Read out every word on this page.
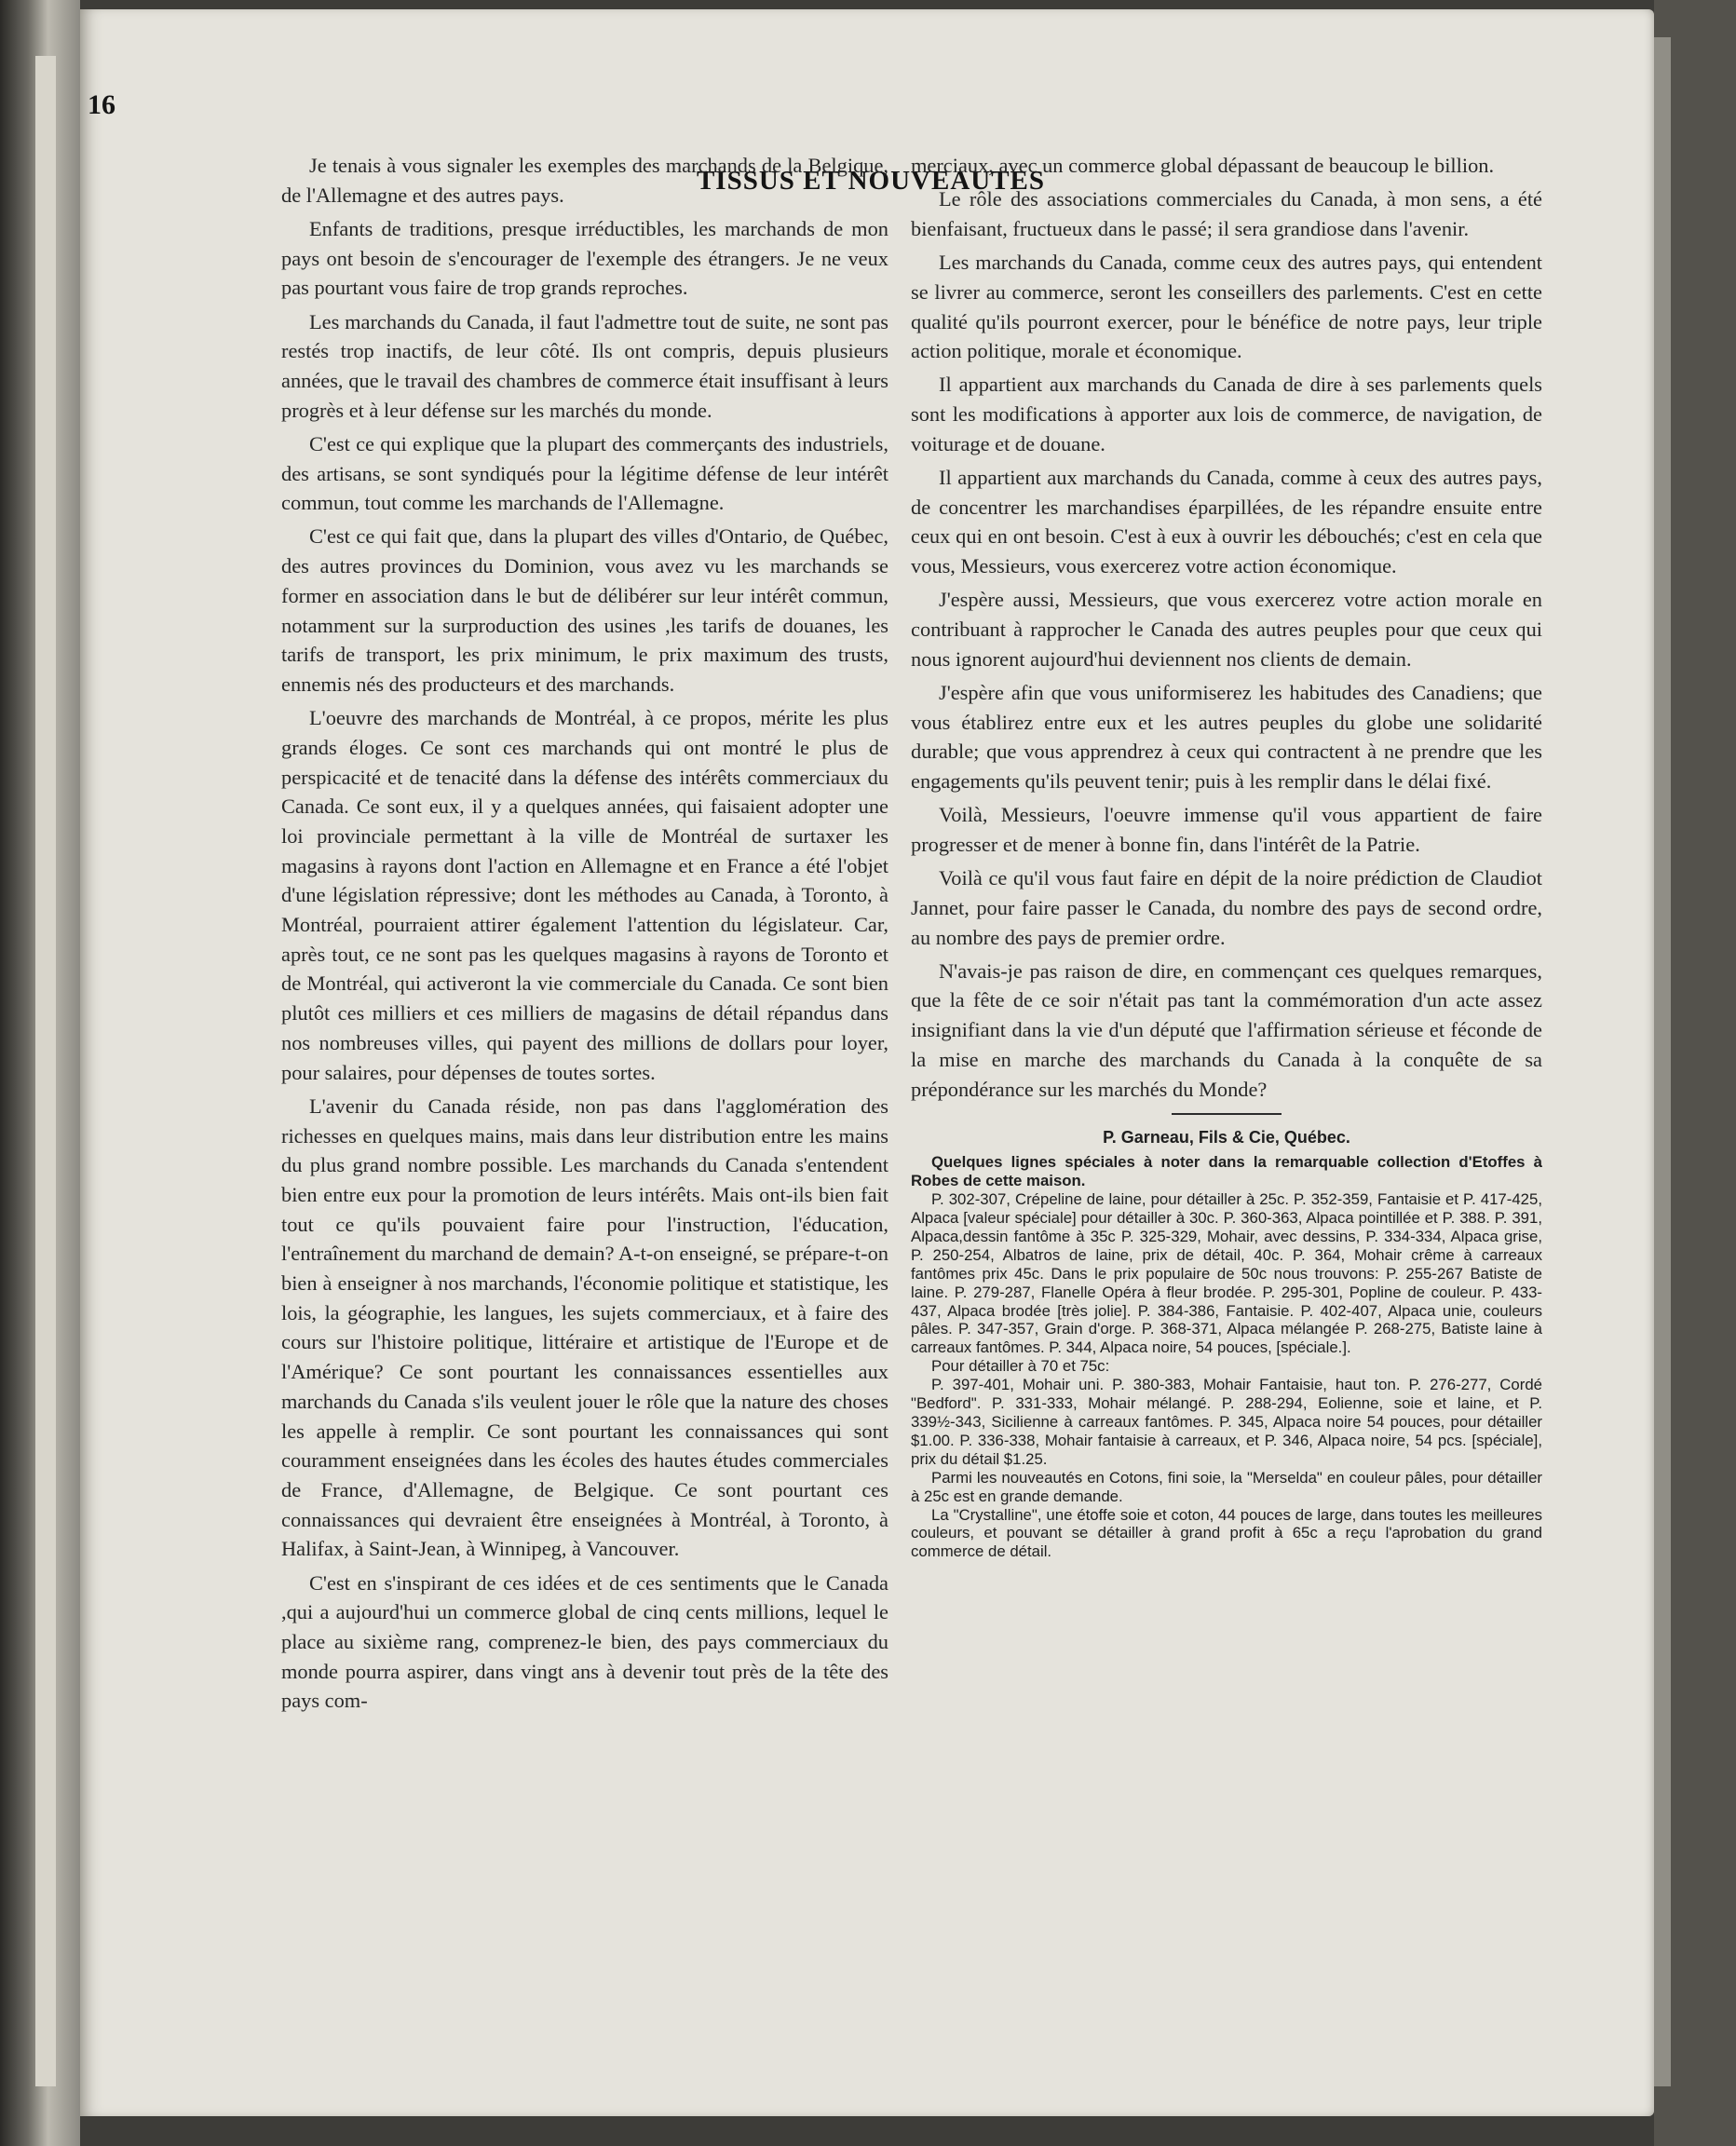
16
TISSUS ET NOUVEAUTES

Je tenais à vous signaler les exemples des marchands de la Belgique, de l'Allemagne et des autres pays.

Enfants de traditions, presque irréductibles, les marchands de mon pays ont besoin de s'encourager de l'exemple des étrangers. Je ne veux pas pourtant vous faire de trop grands reproches.

Les marchands du Canada, il faut l'admettre tout de suite, ne sont pas restés trop inactifs, de leur côté. Ils ont compris, depuis plusieurs années, que le travail des chambres de commerce était insuffisant à leurs progrès et à leur défense sur les marchés du monde.

C'est ce qui explique que la plupart des commerçants des industriels, des artisans, se sont syndiqués pour la légitime défense de leur intérêt commun, tout comme les marchands de l'Allemagne.

C'est ce qui fait que, dans la plupart des villes d'Ontario, de Québec, des autres provinces du Dominion, vous avez vu les marchands se former en association dans le but de délibérer sur leur intérêt commun, notamment sur la surproduction des usines ,les tarifs de douanes, les tarifs de transport, les prix minimum, le prix maximum des trusts, ennemis nés des producteurs et des marchands.

L'oeuvre des marchands de Montréal, à ce propos, mérite les plus grands éloges. Ce sont ces marchands qui ont montré le plus de perspicacité et de tenacité dans la défense des intérêts commerciaux du Canada. Ce sont eux, il y a quelques années, qui faisaient adopter une loi provinciale permettant à la ville de Montréal de surtaxer les magasins à rayons dont l'action en Allemagne et en France a été l'objet d'une législation répressive; dont les méthodes au Canada, à Toronto, à Montréal, pourraient attirer également l'attention du législateur. Car, après tout, ce ne sont pas les quelques magasins à rayons de Toronto et de Montréal, qui activeront la vie commerciale du Canada. Ce sont bien plutôt ces milliers et ces milliers de magasins de détail répandus dans nos nombreuses villes, qui payent des millions de dollars pour loyer, pour salaires, pour dépenses de toutes sortes.

L'avenir du Canada réside, non pas dans l'agglomération des richesses en quelques mains, mais dans leur distribution entre les mains du plus grand nombre possible. Les marchands du Canada s'entendent bien entre eux pour la promotion de leurs intérêts. Mais ont-ils bien fait tout ce qu'ils pouvaient faire pour l'instruction, l'éducation, l'entraînement du marchand de demain? A-t-on enseigné, se prépare-t-on bien à enseigner à nos marchands, l'économie politique et statistique, les lois, la géographie, les langues, les sujets commerciaux, et à faire des cours sur l'histoire politique, littéraire et artistique de l'Europe et de l'Amérique? Ce sont pourtant les connaissances essentielles aux marchands du Canada s'ils veulent jouer le rôle que la nature des choses les appelle à remplir. Ce sont pourtant les connaissances qui sont couramment enseignées dans les écoles des hautes études commerciales de France, d'Allemagne, de Belgique. Ce sont pourtant ces connaissances qui devraient être enseignées à Montréal, à Toronto, à Halifax, à Saint-Jean, à Winnipeg, à Vancouver.

C'est en s'inspirant de ces idées et de ces sentiments que le Canada ,qui a aujourd'hui un commerce global de cinq cents millions, lequel le place au sixième rang, comprenez-le bien, des pays commerciaux du monde pourra aspirer, dans vingt ans à devenir tout près de la tête des pays com-

merciaux, avec un commerce global dépassant de beaucoup le billion.

Le rôle des associations commerciales du Canada, à mon sens, a été bienfaisant, fructueux dans le passé; il sera grandiose dans l'avenir.

Les marchands du Canada, comme ceux des autres pays, qui entendent se livrer au commerce, seront les conseillers des parlements. C'est en cette qualité qu'ils pourront exercer, pour le bénéfice de notre pays, leur triple action politique, morale et économique.

Il appartient aux marchands du Canada de dire à ses parlements quels sont les modifications à apporter aux lois de commerce, de navigation, de voiturage et de douane.

Il appartient aux marchands du Canada, comme à ceux des autres pays, de concentrer les marchandises éparpillées, de les répandre ensuite entre ceux qui en ont besoin. C'est à eux à ouvrir les débouchés; c'est en cela que vous, Messieurs, vous exercerez votre action économique.

J'espère aussi, Messieurs, que vous exercerez votre action morale en contribuant à rapprocher le Canada des autres peuples pour que ceux qui nous ignorent aujourd'hui deviennent nos clients de demain.

J'espère afin que vous uniformiserez les habitudes des Canadiens; que vous établirez entre eux et les autres peuples du globe une solidarité durable; que vous apprendrez à ceux qui contractent à ne prendre que les engagements qu'ils peuvent tenir; puis à les remplir dans le délai fixé.

Voilà, Messieurs, l'oeuvre immense qu'il vous appartient de faire progresser et de mener à bonne fin, dans l'intérêt de la Patrie.

Voilà ce qu'il vous faut faire en dépit de la noire prédiction de Claudiot Jannet, pour faire passer le Canada, du nombre des pays de second ordre, au nombre des pays de premier ordre.

N'avais-je pas raison de dire, en commençant ces quelques remarques, que la fête de ce soir n'était pas tant la commémoration d'un acte assez insignifiant dans la vie d'un député que l'affirmation sérieuse et féconde de la mise en marche des marchands du Canada à la conquête de sa prépondérance sur les marchés du Monde?

P. Garneau, Fils & Cie, Québec.

Quelques lignes spéciales à noter dans la remarquable collection d'Etoffes à Robes de cette maison.

P. 302-307, Crépeline de laine, pour détailler à 25c. P. 352-359, Fantaisie et P. 417-425, Alpaca [valeur spéciale] pour détailler à 30c. P. 360-363, Alpaca pointillée et P. 388. P. 391, Alpaca,dessin fantôme à 35c P. 325-329, Mohair, avec dessins, P. 334-334, Alpaca grise, P. 250-254, Albatros de laine, prix de détail, 40c. P. 364, Mohair crême à carreaux fantômes prix 45c. Dans le prix populaire de 50c nous trouvons: P. 255-267 Batiste de laine. P. 279-287, Flanelle Opéra à fleur brodée. P. 295-301, Popline de couleur. P. 433-437, Alpaca brodée [très jolie]. P. 384-386, Fantaisie. P. 402-407, Alpaca unie, couleurs pâles. P. 347-357, Grain d'orge. P. 368-371, Alpaca mélangée P. 268-275, Batiste laine à carreaux fantômes. P. 344, Alpaca noire, 54 pouces, [spéciale.].

Pour détailler à 70 et 75c:

P. 397-401, Mohair uni. P. 380-383, Mohair Fantaisie, haut ton. P. 276-277, Cordé "Bedford". P. 331-333, Mohair mélangé. P. 288-294, Eolienne, soie et laine, et P. 339½-343, Sicilienne à carreaux fantômes. P. 345, Alpaca noire 54 pouces, pour détailler $1.00. P. 336-338, Mohair fantaisie à carreaux, et P. 346, Alpaca noire, 54 pcs. [spéciale], prix du détail $1.25.

Parmi les nouveautés en Cotons, fini soie, la "Merselda" en couleur pâles, pour détailler à 25c est en grande demande.

La "Crystalline", une étoffe soie et coton, 44 pouces de large, dans toutes les meilleures couleurs, et pouvant se détailler à grand profit à 65c a reçu l'aprobation du grand commerce de détail.
